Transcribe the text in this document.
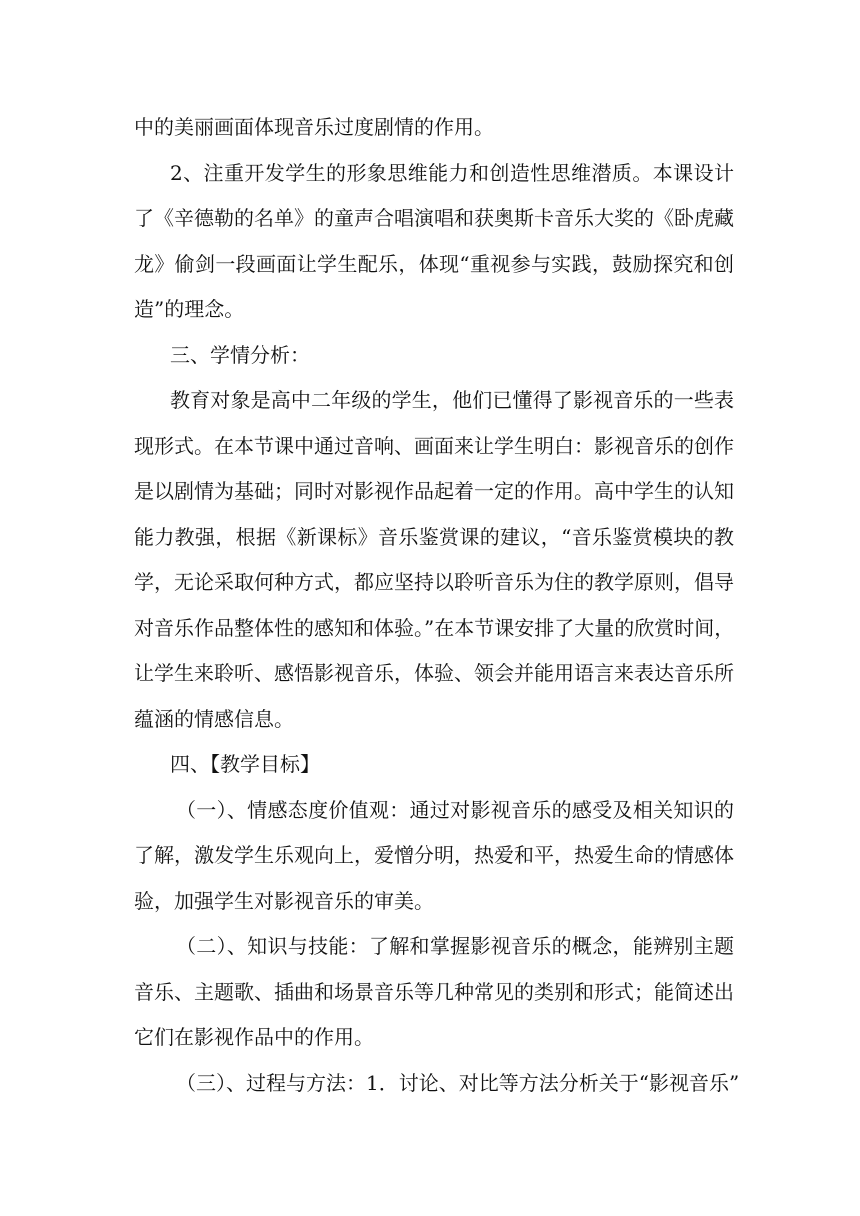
中的美丽画面体现音乐过度剧情的作用。
2、注重开发学生的形象思维能力和创造性思维潜质。本课设计
了《辛德勒的名单》的童声合唱演唱和获奥斯卡音乐大奖的《卧虎藏
龙》偷剑一段画面让学生配乐，体现“重视参与实践，鼓励探究和创
造”的理念。
三、学情分析：
教育对象是高中二年级的学生，他们已懂得了影视音乐的一些表
现形式。在本节课中通过音响、画面来让学生明白：影视音乐的创作
是以剧情为基础；同时对影视作品起着一定的作用。高中学生的认知
能力教强，根据《新课标》音乐鉴赏课的建议，“音乐鉴赏模块的教
学，无论采取何种方式，都应坚持以聆听音乐为住的教学原则，倡导
对音乐作品整体性的感知和体验。”在本节课安排了大量的欣赏时间，
让学生来聆听、感悟影视音乐，体验、领会并能用语言来表达音乐所
蕴涵的情感信息。
四、【教学目标】
（一）、情感态度价值观：通过对影视音乐的感受及相关知识的
了解，激发学生乐观向上，爱憎分明，热爱和平，热爱生命的情感体
验，加强学生对影视音乐的审美。
（二）、知识与技能：了解和掌握影视音乐的概念，能辨别主题
音乐、主题歌、插曲和场景音乐等几种常见的类别和形式；能简述出
它们在影视作品中的作用。
（三）、过程与方法：1．讨论、对比等方法分析关于“影视音乐”
